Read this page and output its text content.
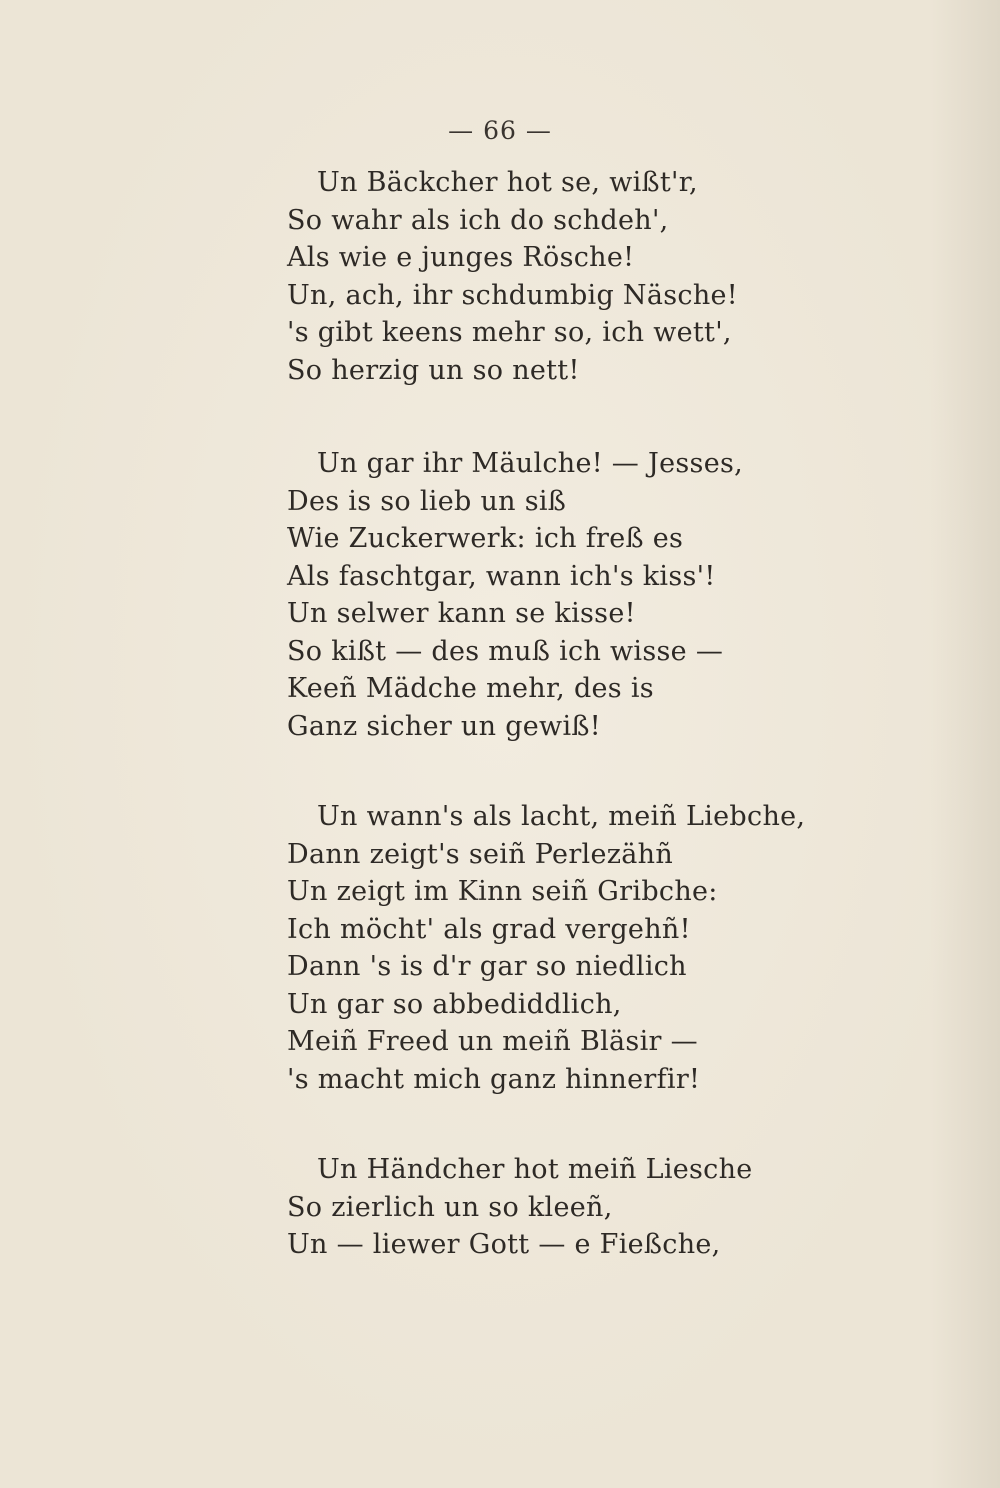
— 66 —
Un Bäckcher hot se, wißt'r,
So wahr als ich do schdeh',
Als wie e junges Rösche!
Un, ach, ihr schdumbig Näsche!
's gibt keens mehr so, ich wett',
So herzig un so nett!
Un gar ihr Mäulche! — Jesses,
Des is so lieb un siß
Wie Zuckerwerk: ich freß es
Als faschtgar, wann ich's kiss'!
Un selwer kann se kisse!
So kißt — des muß ich wisse —
Keeñ Mädche mehr, des is
Ganz sicher un gewiß!
Un wann's als lacht, meiñ Liebche,
Dann zeigt's seiñ Perlezähñ
Un zeigt im Kinn seiñ Gribche:
Ich möcht' als grad vergehñ!
Dann 's is d'r gar so niedlich
Un gar so abbediddlich,
Meiñ Freed un meiñ Bläsir —
's macht mich ganz hinnerfir!
Un Händcher hot meiñ Liesche
So zierlich un so kleeñ,
Un — liewer Gott — e Fießche,
